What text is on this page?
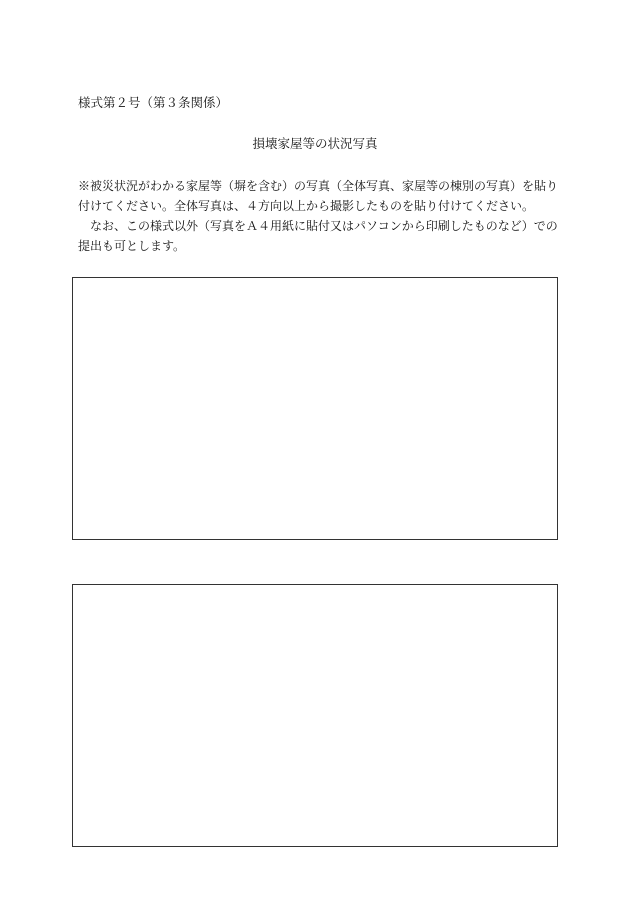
様式第２号（第３条関係）
損壊家屋等の状況写真
※被災状況がわかる家屋等（塀を含む）の写真（全体写真、家屋等の棟別の写真）を貼り
付けてください。全体写真は、４方向以上から撮影したものを貼り付けてください。
　なお、この様式以外（写真をＡ４用紙に貼付又はパソコンから印刷したものなど）での
提出も可とします。
